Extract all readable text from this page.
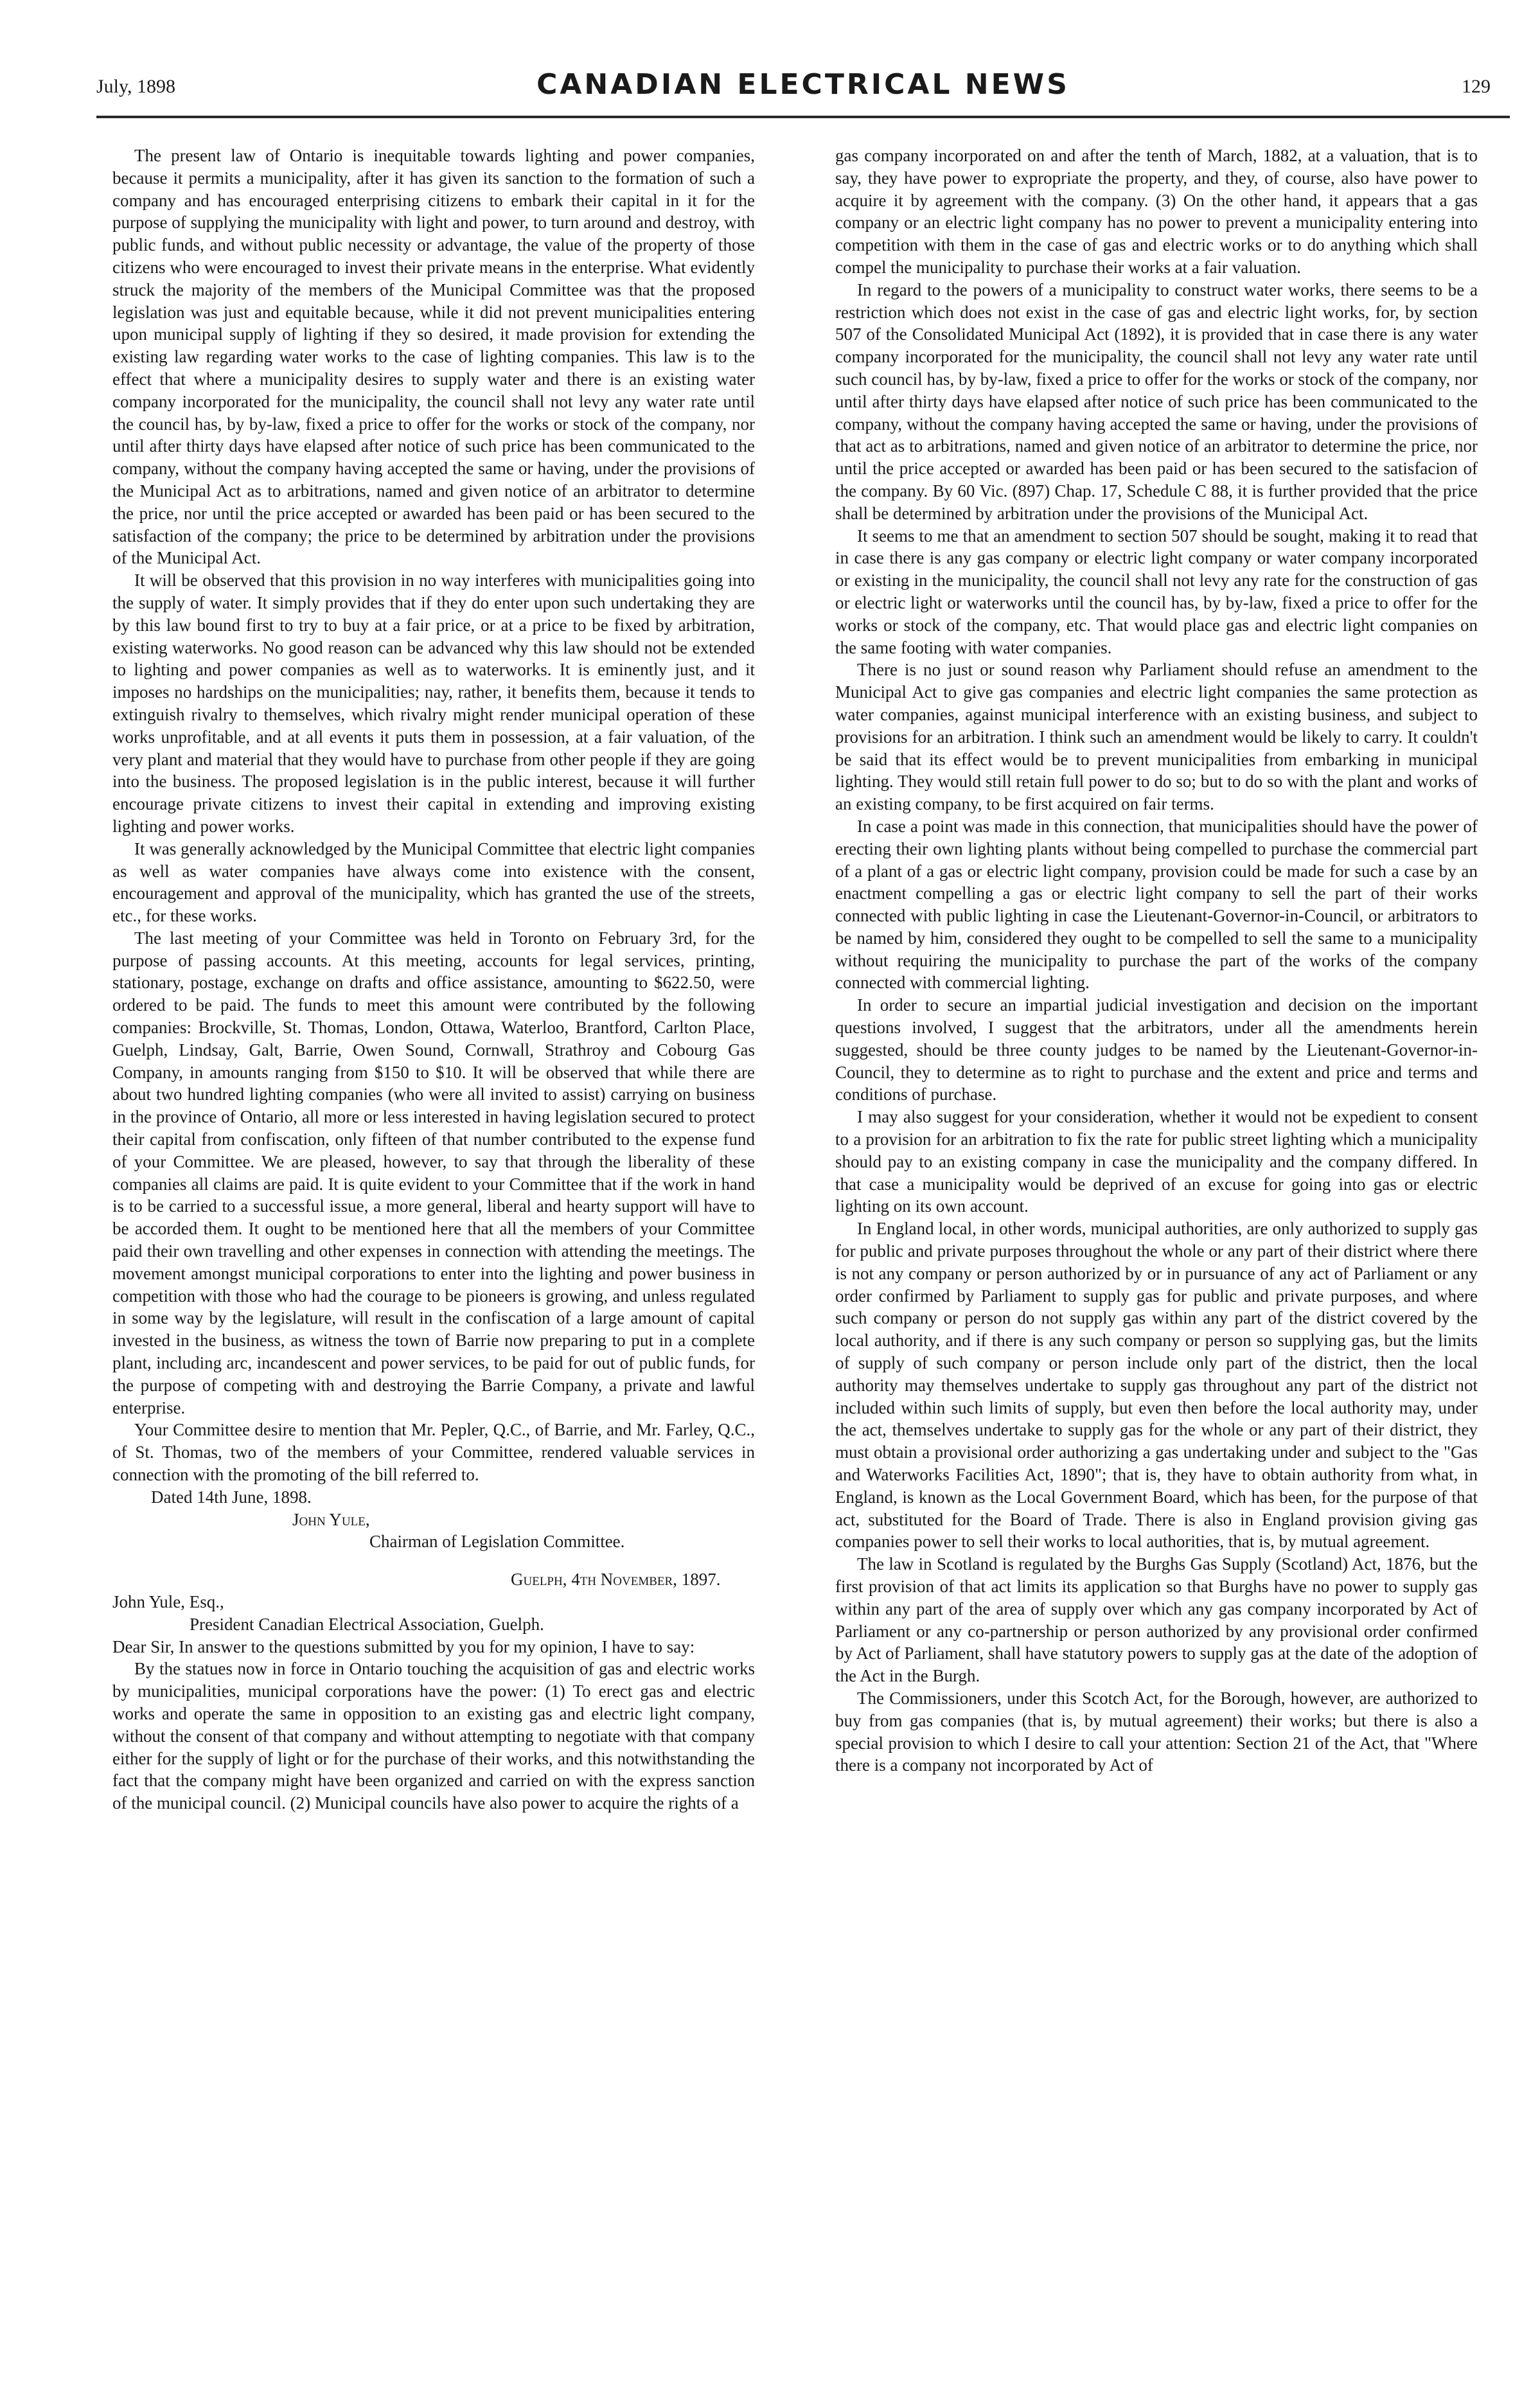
July, 1898	CANADIAN ELECTRICAL NEWS	129

The present law of Ontario is inequitable towards lighting and power companies, because it permits a municipality, after it has given its sanction to the formation of such a company and has encouraged enterprising citizens to embark their capital in it for the purpose of supplying the municipality with light and power, to turn around and destroy, with public funds, and without public necessity or advantage, the value of the property of those citizens who were encouraged to invest their private means in the enterprise. What evidently struck the majority of the members of the Municipal Committee was that the proposed legislation was just and equitable because, while it did not prevent municipalities entering upon municipal supply of lighting if they so desired, it made provision for extending the existing law regarding water works to the case of lighting companies. This law is to the effect that where a municipality desires to supply water and there is an existing water company incorporated for the municipality, the council shall not levy any water rate until the council has, by by-law, fixed a price to offer for the works or stock of the company, nor until after thirty days have elapsed after notice of such price has been communicated to the company, without the company having accepted the same or having, under the provisions of the Municipal Act as to arbitrations, named and given notice of an arbitrator to determine the price, nor until the price accepted or awarded has been paid or has been secured to the satisfaction of the company; the price to be determined by arbitration under the provisions of the Municipal Act.

It will be observed that this provision in no way interferes with municipalities going into the supply of water. It simply provides that if they do enter upon such undertaking they are by this law bound first to try to buy at a fair price, or at a price to be fixed by arbitration, existing waterworks. No good reason can be advanced why this law should not be extended to lighting and power companies as well as to waterworks. It is eminently just, and it imposes no hardships on the municipalities; nay, rather, it benefits them, because it tends to extinguish rivalry to themselves, which rivalry might render municipal operation of these works unprofitable, and at all events it puts them in possession, at a fair valuation, of the very plant and material that they would have to purchase from other people if they are going into the business. The proposed legislation is in the public interest, because it will further encourage private citizens to invest their capital in extending and improving existing lighting and power works.

It was generally acknowledged by the Municipal Committee that electric light companies as well as water companies have always come into existence with the consent, encouragement and approval of the municipality, which has granted the use of the streets, etc., for these works.

The last meeting of your Committee was held in Toronto on February 3rd, for the purpose of passing accounts. At this meeting, accounts for legal services, printing, stationary, postage, exchange on drafts and office assistance, amounting to $622.50, were ordered to be paid. The funds to meet this amount were contributed by the following companies: Brockville, St. Thomas, London, Ottawa, Waterloo, Brantford, Carlton Place, Guelph, Lindsay, Galt, Barrie, Owen Sound, Cornwall, Strathroy and Cobourg Gas Company, in amounts ranging from $150 to $10. It will be observed that while there are about two hundred lighting companies (who were all invited to assist) carrying on business in the province of Ontario, all more or less interested in having legislation secured to protect their capital from confiscation, only fifteen of that number contributed to the expense fund of your Committee. We are pleased, however, to say that through the liberality of these companies all claims are paid. It is quite evident to your Committee that if the work in hand is to be carried to a successful issue, a more general, liberal and hearty support will have to be accorded them. It ought to be mentioned here that all the members of your Committee paid their own travelling and other expenses in connection with attending the meetings. The movement amongst municipal corporations to enter into the lighting and power business in competition with those who had the courage to be pioneers is growing, and unless regulated in some way by the legislature, will result in the confiscation of a large amount of capital invested in the business, as witness the town of Barrie now preparing to put in a complete plant, including arc, incandescent and power services, to be paid for out of public funds, for the purpose of competing with and destroying the Barrie Company, a private and lawful enterprise.

Your Committee desire to mention that Mr. Pepler, Q.C., of Barrie, and Mr. Farley, Q.C., of St. Thomas, two of the members of your Committee, rendered valuable services in connection with the promoting of the bill referred to.

Dated 14th June, 1898.

John Yule,

Chairman of Legislation Committee.

Guelph, 4th November, 1897.

John Yule, Esq.,

President Canadian Electrical Association, Guelph.

Dear Sir, In answer to the questions submitted by you for my opinion, I have to say:

By the statues now in force in Ontario touching the acquisition of gas and electric works by municipalities, municipal corporations have the power: (1) To erect gas and electric works and operate the same in opposition to an existing gas and electric light company, without the consent of that company and without attempting to negotiate with that company either for the supply of light or for the purchase of their works, and this notwithstanding the fact that the company might have been organized and carried on with the express sanction of the municipal council. (2) Municipal councils have also power to acquire the rights of a

gas company incorporated on and after the tenth of March, 1882, at a valuation, that is to say, they have power to expropriate the property, and they, of course, also have power to acquire it by agreement with the company. (3) On the other hand, it appears that a gas company or an electric light company has no power to prevent a municipality entering into competition with them in the case of gas and electric works or to do anything which shall compel the municipality to purchase their works at a fair valuation.

In regard to the powers of a municipality to construct water works, there seems to be a restriction which does not exist in the case of gas and electric light works, for, by section 507 of the Consolidated Municipal Act (1892), it is provided that in case there is any water company incorporated for the municipality, the council shall not levy any water rate until such council has, by by-law, fixed a price to offer for the works or stock of the company, nor until after thirty days have elapsed after notice of such price has been communicated to the company, without the company having accepted the same or having, under the provisions of that act as to arbitrations, named and given notice of an arbitrator to determine the price, nor until the price accepted or awarded has been paid or has been secured to the satisfacion of the company. By 60 Vic. (897) Chap. 17, Schedule C 88, it is further provided that the price shall be determined by arbitration under the provisions of the Municipal Act.

It seems to me that an amendment to section 507 should be sought, making it to read that in case there is any gas company or electric light company or water company incorporated or existing in the municipality, the council shall not levy any rate for the construction of gas or electric light or waterworks until the council has, by by-law, fixed a price to offer for the works or stock of the company, etc. That would place gas and electric light companies on the same footing with water companies.

There is no just or sound reason why Parliament should refuse an amendment to the Municipal Act to give gas companies and electric light companies the same protection as water companies, against municipal interference with an existing business, and subject to provisions for an arbitration. I think such an amendment would be likely to carry. It couldn't be said that its effect would be to prevent municipalities from embarking in municipal lighting. They would still retain full power to do so; but to do so with the plant and works of an existing company, to be first acquired on fair terms.

In case a point was made in this connection, that municipalities should have the power of erecting their own lighting plants without being compelled to purchase the commercial part of a plant of a gas or electric light company, provision could be made for such a case by an enactment compelling a gas or electric light company to sell the part of their works connected with public lighting in case the Lieutenant-Governor-in-Council, or arbitrators to be named by him, considered they ought to be compelled to sell the same to a municipality without requiring the municipality to purchase the part of the works of the company connected with commercial lighting.

In order to secure an impartial judicial investigation and decision on the important questions involved, I suggest that the arbitrators, under all the amendments herein suggested, should be three county judges to be named by the Lieutenant-Governor-in-Council, they to determine as to right to purchase and the extent and price and terms and conditions of purchase.

I may also suggest for your consideration, whether it would not be expedient to consent to a provision for an arbitration to fix the rate for public street lighting which a municipality should pay to an existing company in case the municipality and the company differed. In that case a municipality would be deprived of an excuse for going into gas or electric lighting on its own account.

In England local, in other words, municipal authorities, are only authorized to supply gas for public and private purposes throughout the whole or any part of their district where there is not any company or person authorized by or in pursuance of any act of Parliament or any order confirmed by Parliament to supply gas for public and private purposes, and where such company or person do not supply gas within any part of the district covered by the local authority, and if there is any such company or person so supplying gas, but the limits of supply of such company or person include only part of the district, then the local authority may themselves undertake to supply gas throughout any part of the district not included within such limits of supply, but even then before the local authority may, under the act, themselves undertake to supply gas for the whole or any part of their district, they must obtain a provisional order authorizing a gas undertaking under and subject to the "Gas and Waterworks Facilities Act, 1890"; that is, they have to obtain authority from what, in England, is known as the Local Government Board, which has been, for the purpose of that act, substituted for the Board of Trade. There is also in England provision giving gas companies power to sell their works to local authorities, that is, by mutual agreement.

The law in Scotland is regulated by the Burghs Gas Supply (Scotland) Act, 1876, but the first provision of that act limits its application so that Burghs have no power to supply gas within any part of the area of supply over which any gas company incorporated by Act of Parliament or any co-partnership or person authorized by any provisional order confirmed by Act of Parliament, shall have statutory powers to supply gas at the date of the adoption of the Act in the Burgh.

The Commissioners, under this Scotch Act, for the Borough, however, are authorized to buy from gas companies (that is, by mutual agreement) their works; but there is also a special provision to which I desire to call your attention: Section 21 of the Act, that "Where there is a company not incorporated by Act of
